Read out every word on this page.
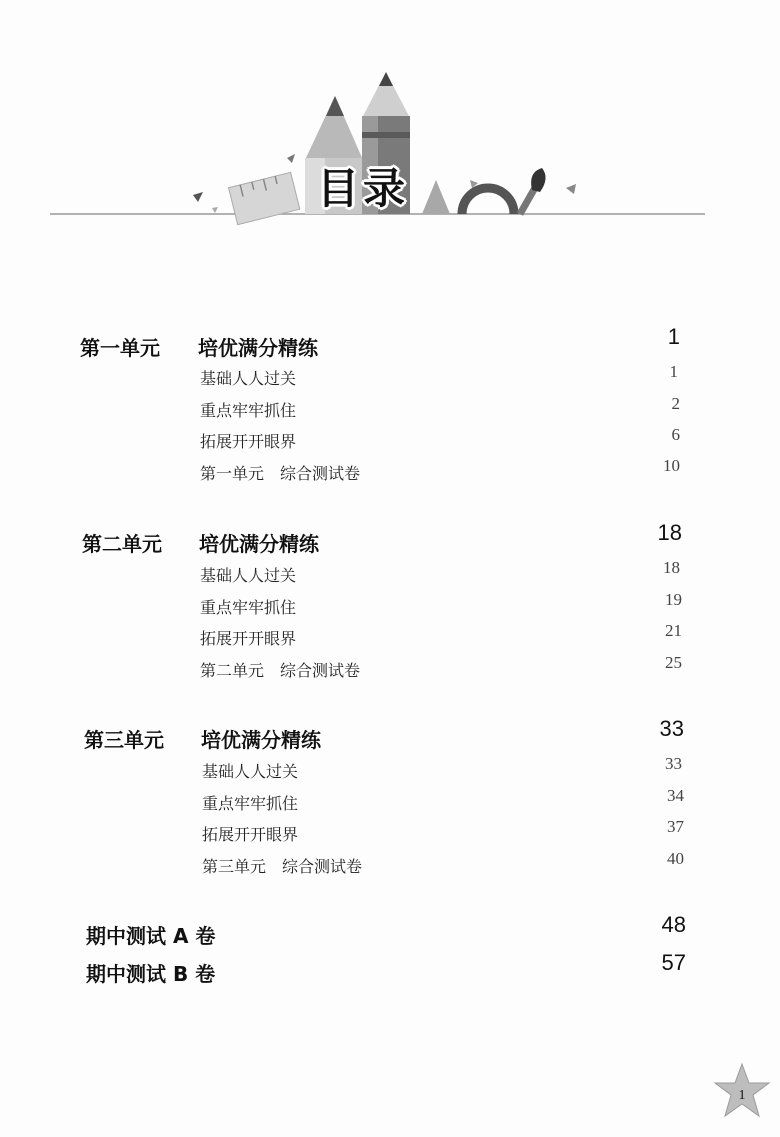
目录
第一单元 培优满分精练	1
基础人人过关	1
重点牢牢抓住	2
拓展开开眼界	6
第一单元　综合测试卷	10
第二单元 培优满分精练	18
基础人人过关	18
重点牢牢抓住	19
拓展开开眼界	21
第二单元　综合测试卷	25
第三单元 培优满分精练	33
基础人人过关	33
重点牢牢抓住	34
拓展开开眼界	37
第三单元　综合测试卷	40
期中测试 A 卷	48
期中测试 B 卷	57
1
